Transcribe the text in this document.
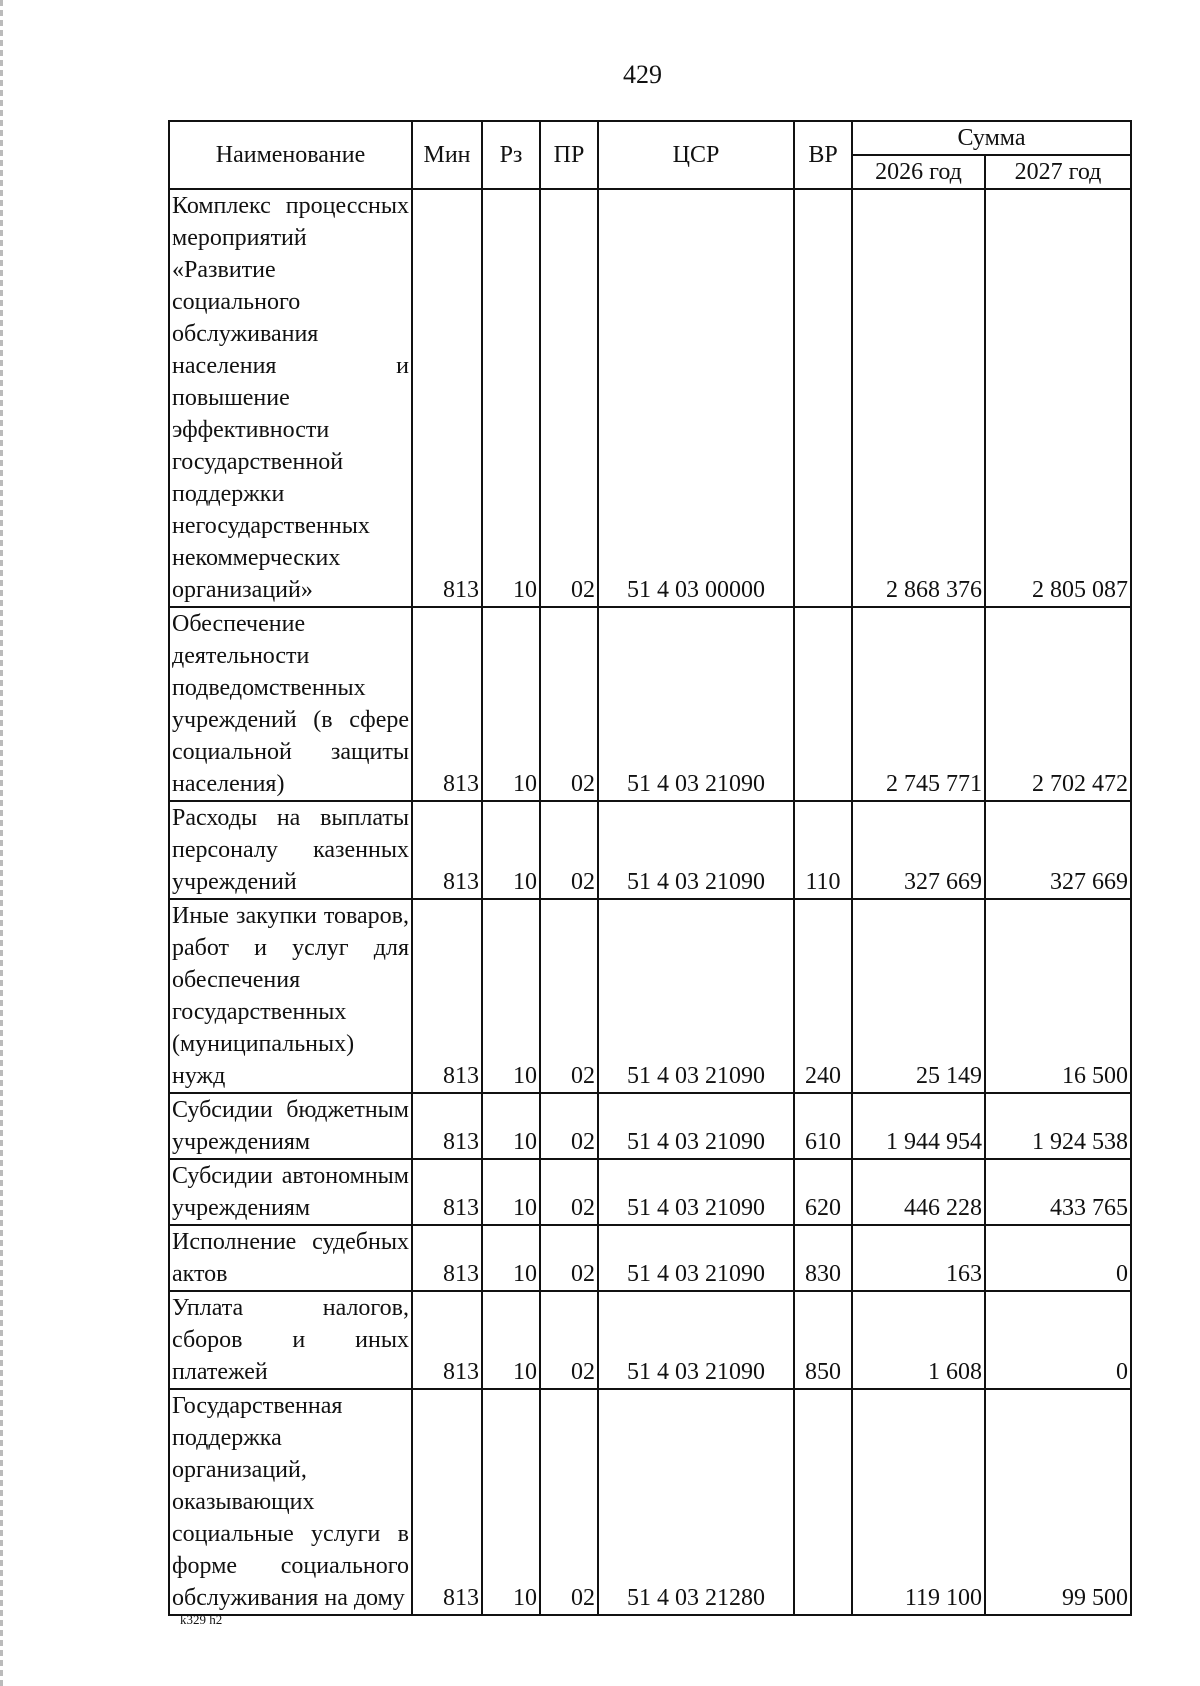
429
Наименование	Мин	Рз	ПР	ЦСР	ВР	Сумма	
						2026 год	2027 год
Комплекс процессных мероприятий «Развитие социального обслуживания населения и повышение эффективности государственной поддержки негосударственных некоммерческих организаций»	813	10	02	51 4 03 00000		2 868 376	2 805 087
Обеспечение деятельности подведомственных учреждений (в сфере социальной защиты населения)	813	10	02	51 4 03 21090		2 745 771	2 702 472
Расходы на выплаты персоналу казенных учреждений	813	10	02	51 4 03 21090	110	327 669	327 669
Иные закупки товаров, работ и услуг для обеспечения государственных (муниципальных) нужд	813	10	02	51 4 03 21090	240	25 149	16 500
Субсидии бюджетным учреждениям	813	10	02	51 4 03 21090	610	1 944 954	1 924 538
Субсидии автономным учреждениям	813	10	02	51 4 03 21090	620	446 228	433 765
Исполнение судебных актов	813	10	02	51 4 03 21090	830	163	0
Уплата налогов, сборов и иных платежей	813	10	02	51 4 03 21090	850	1 608	0
Государственная поддержка организаций, оказывающих социальные услуги в форме социального обслуживания на дому	813	10	02	51 4 03 21280		119 100	99 500
k329 h2
